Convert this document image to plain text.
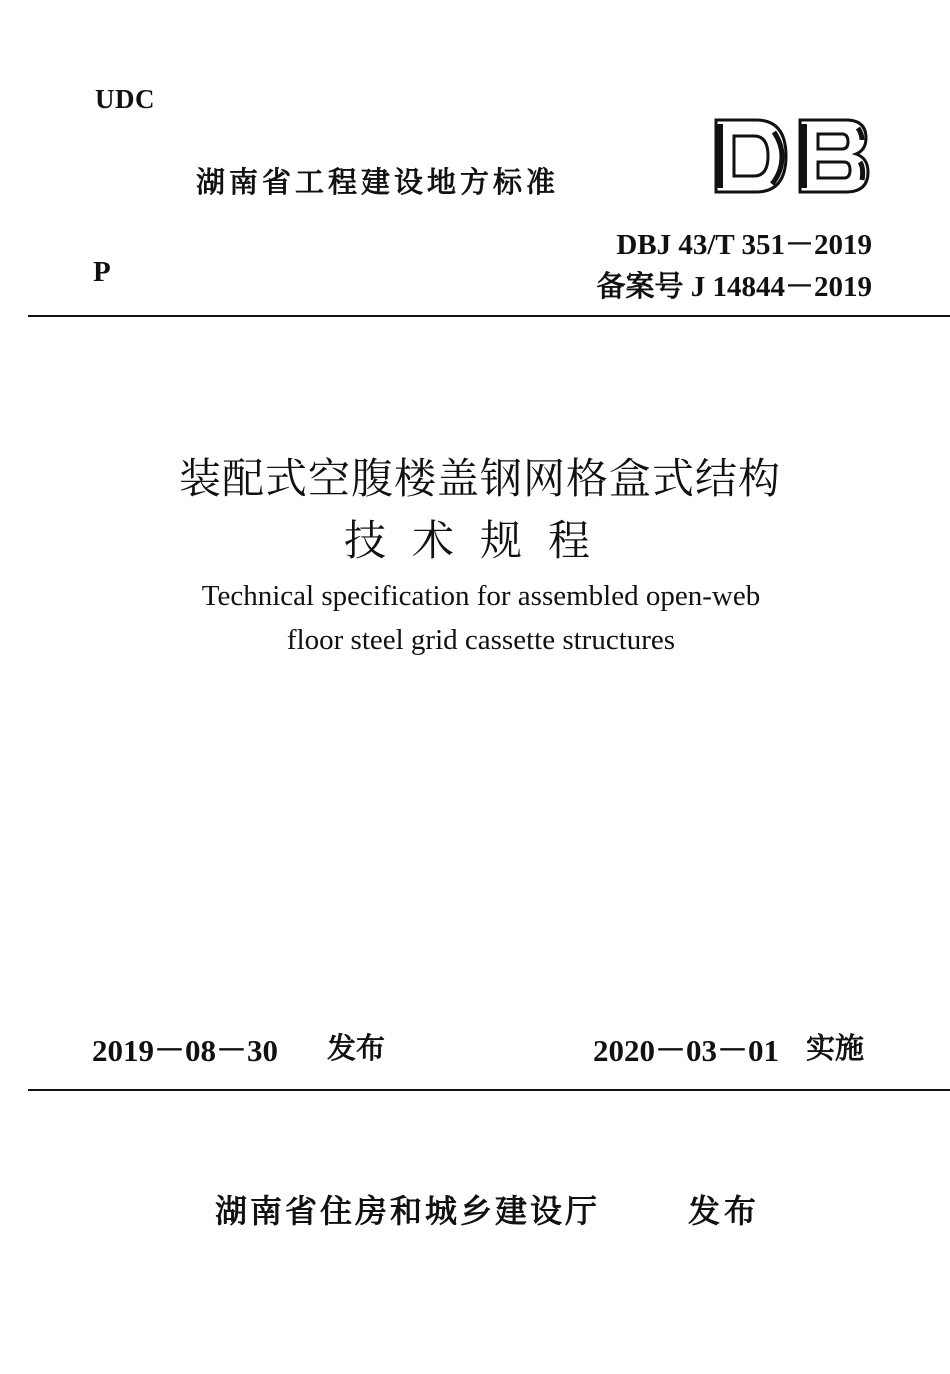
UDC
P
湖南省工程建设地方标准
DB
DBJ 43/T 351－2019
备案号 J 14844－2019
装配式空腹楼盖钢网格盒式结构
技术规程
Technical specification for assembled open-web
floor steel grid cassette structures
2019－08－30 发布	2020－03－01 实施
湖南省住房和城乡建设厅	发布
